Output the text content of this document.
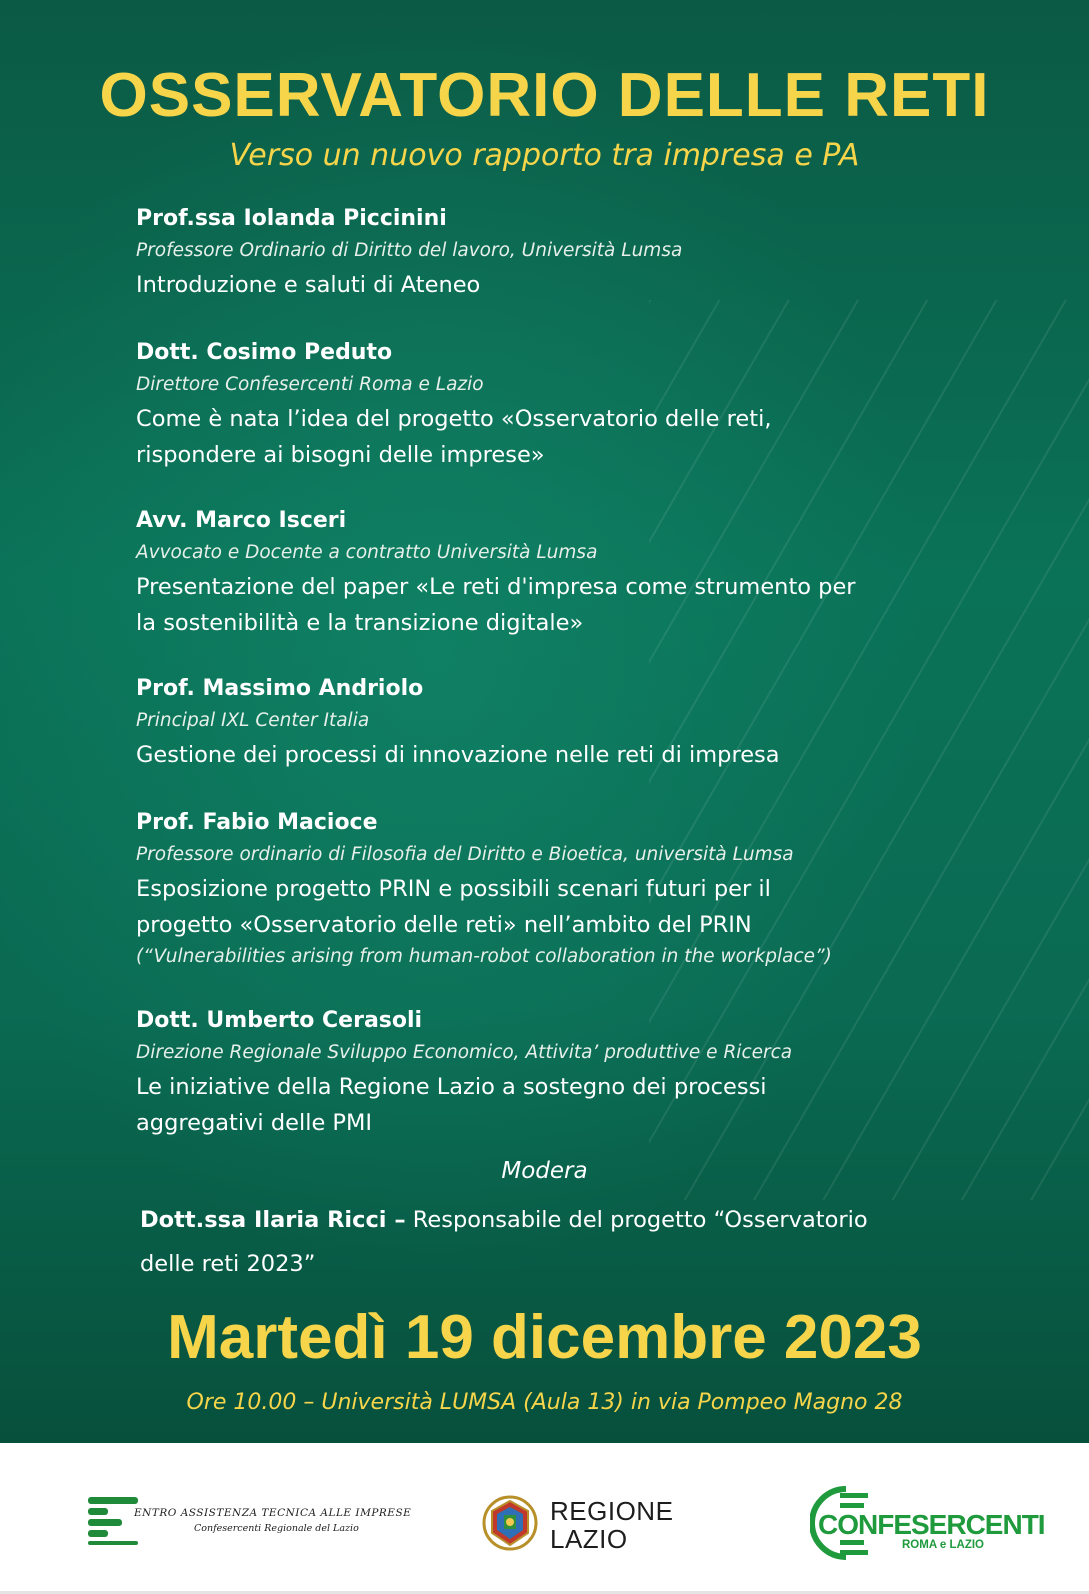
OSSERVATORIO DELLE RETI
Verso un nuovo rapporto tra impresa e PA
Prof.ssa Iolanda Piccinini
Professore Ordinario di Diritto del lavoro, Università Lumsa
Introduzione e saluti di Ateneo
Dott. Cosimo Peduto
Direttore Confesercenti Roma e Lazio
Come è nata l’idea del progetto «Osservatorio delle reti,
rispondere ai bisogni delle imprese»
Avv. Marco Isceri
Avvocato e Docente a contratto Università Lumsa
Presentazione del paper «Le reti d'impresa come strumento per
la sostenibilità e la transizione digitale»
Prof. Massimo Andriolo
Principal IXL Center Italia
Gestione dei processi di innovazione nelle reti di impresa
Prof. Fabio Macioce
Professore ordinario di Filosofia del Diritto e Bioetica, università Lumsa
Esposizione progetto PRIN e possibili scenari futuri per il
progetto «Osservatorio delle reti» nell’ambito del PRIN
(“Vulnerabilities arising from human-robot collaboration in the workplace”)
Dott. Umberto Cerasoli
Direzione Regionale Sviluppo Economico, Attivita’ produttive e Ricerca
Le iniziative della Regione Lazio a sostegno dei processi
aggregativi delle PMI
Modera
Dott.ssa Ilaria Ricci – Responsabile del progetto “Osservatorio
delle reti 2023”
Martedì 19 dicembre 2023
Ore 10.00 – Università LUMSA (Aula 13) in via Pompeo Magno 28
ENTRO ASSISTENZA TECNICA ALLE IMPRESE
Confesercenti Regionale del Lazio
REGIONE
LAZIO	CONFESERCENTI
ROMA e LAZIO
